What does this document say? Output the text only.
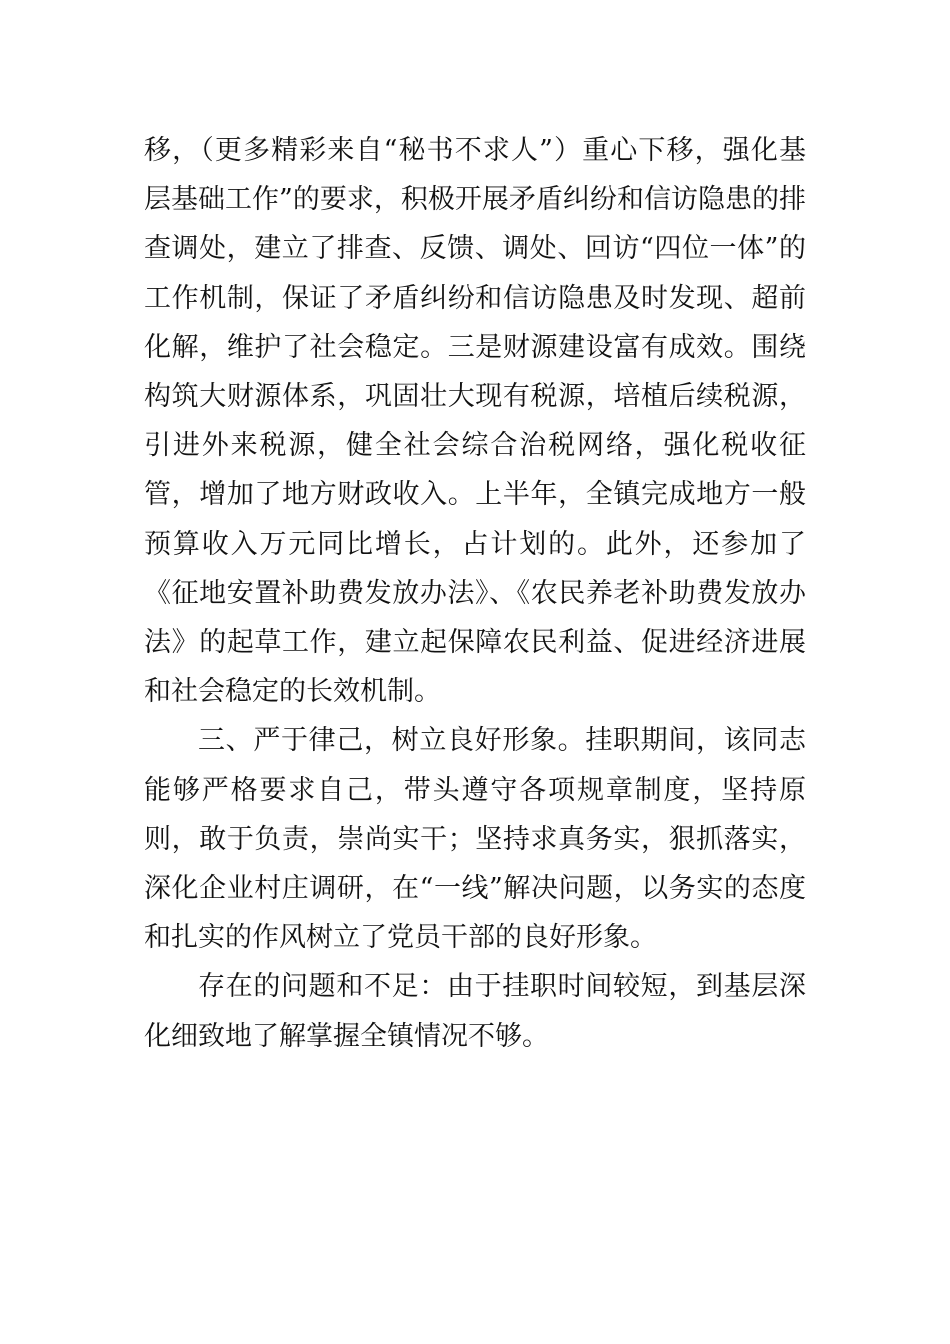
移，（更多精彩来自“秘书不求人”）重心下移，强化基层基础工作”的要求，积极开展矛盾纠纷和信访隐患的排查调处，建立了排查、反馈、调处、回访“四位一体”的工作机制，保证了矛盾纠纷和信访隐患及时发现、超前化解，维护了社会稳定。三是财源建设富有成效。围绕构筑大财源体系，巩固壮大现有税源，培植后续税源，引进外来税源，健全社会综合治税网络，强化税收征管，增加了地方财政收入。上半年，全镇完成地方一般预算收入万元同比增长，占计划的。此外，还参加了《征地安置补助费发放办法》、《农民养老补助费发放办法》的起草工作，建立起保障农民利益、促进经济进展和社会稳定的长效机制。

三、严于律己，树立良好形象。挂职期间，该同志能够严格要求自己，带头遵守各项规章制度，坚持原则，敢于负责，崇尚实干；坚持求真务实，狠抓落实，深化企业村庄调研，在“一线”解决问题，以务实的态度和扎实的作风树立了党员干部的良好形象。

存在的问题和不足：由于挂职时间较短，到基层深化细致地了解掌握全镇情况不够。
